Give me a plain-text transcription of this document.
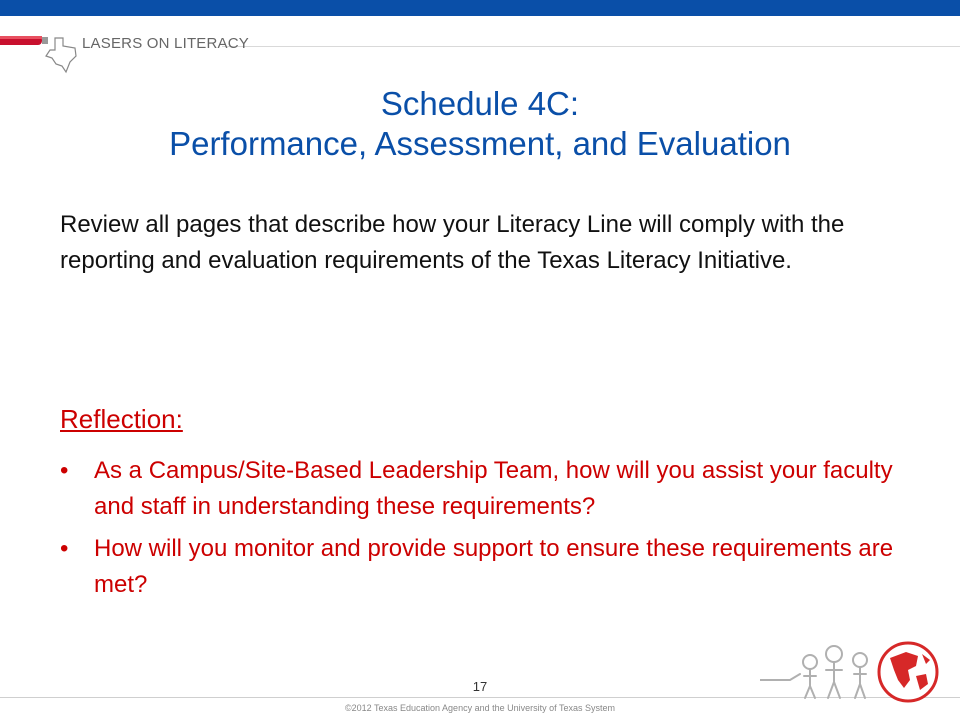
LASERS ON LITERACY
Schedule 4C:
Performance, Assessment, and Evaluation
Review all pages that describe how your Literacy Line will comply with the reporting and evaluation requirements of the Texas Literacy Initiative.
Reflection:
• As a Campus/Site-Based Leadership Team, how will you assist your faculty and staff in understanding these requirements?
• How will you monitor and provide support to ensure these requirements are met?
17
©2012 Texas Education Agency and the University of Texas System
